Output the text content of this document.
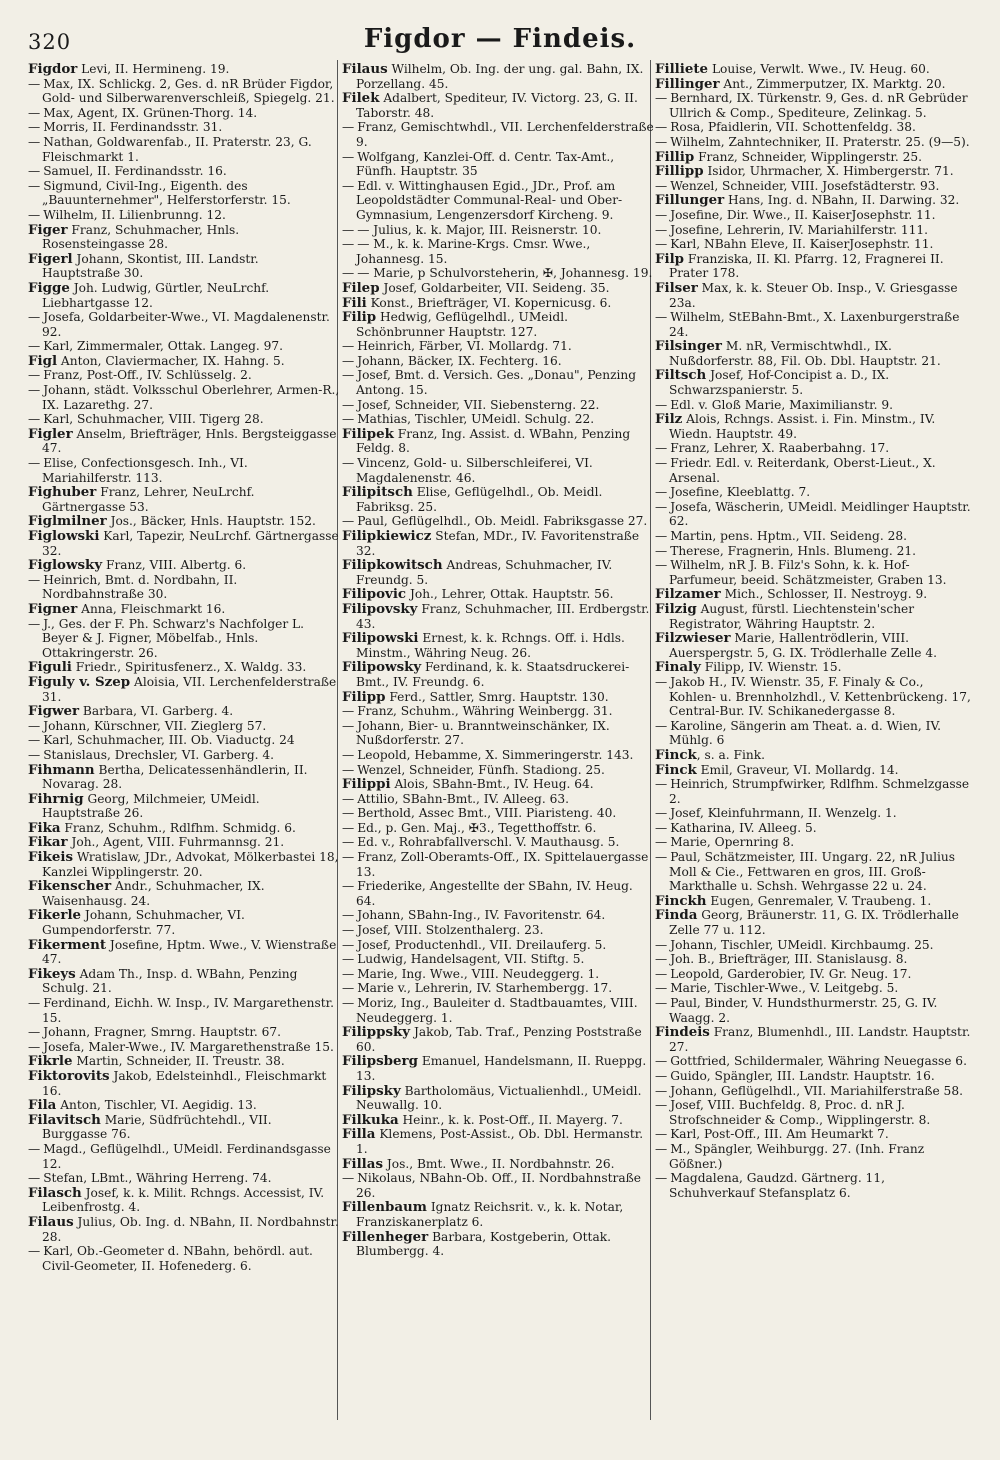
320	Figdor — Findeis.

Figdor Levi, II. Hermineng. 19.

— Max, IX. Schlickg. 2, Ges. d. nR Brüder Figdor, Gold- und Silberwarenverschleiß, Spiegelg. 21.

— Max, Agent, IX. Grünen-Thorg. 14.

— Morris, II. Ferdinandsstr. 31.

— Nathan, Goldwarenfab., II. Praterstr. 23, G. Fleischmarkt 1.

— Samuel, II. Ferdinandsstr. 16.

— Sigmund, Civil-Ing., Eigenth. des „Bauunternehmer", Helferstorferstr. 15.

— Wilhelm, II. Lilienbrunng. 12.

Figer Franz, Schuhmacher, Hnls. Rosensteingasse 28.

Figerl Johann, Skontist, III. Landstr. Hauptstraße 30.

Figge Joh. Ludwig, Gürtler, NeuLrchf. Liebhartgasse 12.

— Josefa, Goldarbeiter-Wwe., VI. Magdalenenstr. 92.

— Karl, Zimmermaler, Ottak. Langeg. 97.

Figl Anton, Claviermacher, IX. Hahng. 5.

— Franz, Post-Off., IV. Schlüsselg. 2.

— Johann, städt. Volksschul Oberlehrer, Armen-R., IX. Lazarethg. 27.

— Karl, Schuhmacher, VIII. Tigerg 28.

Figler Anselm, Briefträger, Hnls. Bergsteiggasse 47.

— Elise, Confectionsgesch. Inh., VI. Mariahilferstr. 113.

Fighuber Franz, Lehrer, NeuLrchf. Gärtnergasse 53.

Figlmilner Jos., Bäcker, Hnls. Hauptstr. 152.

Figlowski Karl, Tapezir, NeuLrchf. Gärtnergasse 32.

Figlowsky Franz, VIII. Albertg. 6.

— Heinrich, Bmt. d. Nordbahn, II. Nordbahnstraße 30.

Figner Anna, Fleischmarkt 16.

— J., Ges. der F. Ph. Schwarz's Nachfolger L. Beyer & J. Figner, Möbelfab., Hnls. Ottakringerstr. 26.

Figuli Friedr., Spiritusfenerz., X. Waldg. 33.

Figuly v. Szep Aloisia, VII. Lerchenfelderstraße 31.

Figwer Barbara, VI. Garberg. 4.

— Johann, Kürschner, VII. Zieglerg 57.

— Karl, Schuhmacher, III. Ob. Viaductg. 24

— Stanislaus, Drechsler, VI. Garberg. 4.

Fihmann Bertha, Delicatessenhändlerin, II. Novarag. 28.

Fihrnig Georg, Milchmeier, UMeidl. Hauptstraße 26.

Fika Franz, Schuhm., Rdlfhm. Schmidg. 6.

Fikar Joh., Agent, VIII. Fuhrmannsg. 21.

Fikeis Wratislaw, JDr., Advokat, Mölkerbastei 18, Kanzlei Wipplingerstr. 20.

Fikenscher Andr., Schuhmacher, IX. Waisenhausg. 24.

Fikerle Johann, Schuhmacher, VI. Gumpendorferstr. 77.

Fikerment Josefine, Hptm. Wwe., V. Wienstraße 47.

Fikeys Adam Th., Insp. d. WBahn, Penzing Schulg. 21.

— Ferdinand, Eichh. W. Insp., IV. Margarethenstr. 15.

— Johann, Fragner, Smrng. Hauptstr. 67.

— Josefa, Maler-Wwe., IV. Margarethenstraße 15.

Fikrle Martin, Schneider, II. Treustr. 38.

Fiktorovits Jakob, Edelsteinhdl., Fleischmarkt 16.

Fila Anton, Tischler, VI. Aegidig. 13.

Filavitsch Marie, Südfrüchtehdl., VII. Burggasse 76.

— Magd., Geflügelhdl., UMeidl. Ferdinandsgasse 12.

— Stefan, LBmt., Währing Herreng. 74.

Filasch Josef, k. k. Milit. Rchngs. Accessist, IV. Leibenfrostg. 4.

Filaus Julius, Ob. Ing. d. NBahn, II. Nordbahnstr. 28.

— Karl, Ob.-Geometer d. NBahn, behördl. aut. Civil-Geometer, II. Hofenederg. 6.

Filaus Wilhelm, Ob. Ing. der ung. gal. Bahn, IX. Porzellang. 45.

Filek Adalbert, Spediteur, IV. Victorg. 23, G. II. Taborstr. 48.

— Franz, Gemischtwhdl., VII. Lerchenfelderstraße 9.

— Wolfgang, Kanzlei-Off. d. Centr. Tax-Amt., Fünfh. Hauptstr. 35

— Edl. v. Wittinghausen Egid., JDr., Prof. am Leopoldstädter Communal-Real- und Ober-Gymnasium, Lengenzersdorf Kircheng. 9.

— — Julius, k. k. Major, III. Reisnerstr. 10.

— — M., k. k. Marine-Krgs. Cmsr. Wwe., Johannesg. 15.

— — Marie, p Schulvorsteherin, ✠, Johannesg. 19.

Filep Josef, Goldarbeiter, VII. Seideng. 35.

Fili Konst., Briefträger, VI. Kopernicusg. 6.

Filip Hedwig, Geflügelhdl., UMeidl. Schönbrunner Hauptstr. 127.

— Heinrich, Färber, VI. Mollardg. 71.

— Johann, Bäcker, IX. Fechterg. 16.

— Josef, Bmt. d. Versich. Ges. „Donau", Penzing Antong. 15.

— Josef, Schneider, VII. Siebensterng. 22.

— Mathias, Tischler, UMeidl. Schulg. 22.

Filipek Franz, Ing. Assist. d. WBahn, Penzing Feldg. 8.

— Vincenz, Gold- u. Silberschleiferei, VI. Magdalenenstr. 46.

Filipitsch Elise, Geflügelhdl., Ob. Meidl. Fabriksg. 25.

— Paul, Geflügelhdl., Ob. Meidl. Fabriksgasse 27.

Filipkiewicz Stefan, MDr., IV. Favoritenstraße 32.

Filipkowitsch Andreas, Schuhmacher, IV. Freundg. 5.

Filipovic Joh., Lehrer, Ottak. Hauptstr. 56.

Filipovsky Franz, Schuhmacher, III. Erdbergstr. 43.

Filipowski Ernest, k. k. Rchngs. Off. i. Hdls. Minstm., Währing Neug. 26.

Filipowsky Ferdinand, k. k. Staatsdruckerei-Bmt., IV. Freundg. 6.

Filipp Ferd., Sattler, Smrg. Hauptstr. 130.

— Franz, Schuhm., Währing Weinbergg. 31.

— Johann, Bier- u. Branntweinschänker, IX. Nußdorferstr. 27.

— Leopold, Hebamme, X. Simmeringerstr. 143.

— Wenzel, Schneider, Fünfh. Stadiong. 25.

Filippi Alois, SBahn-Bmt., IV. Heug. 64.

— Attilio, SBahn-Bmt., IV. Alleeg. 63.

— Berthold, Assec Bmt., VIII. Piaristeng. 40.

— Ed., p. Gen. Maj., ✠3., Tegetthoffstr. 6.

— Ed. v., Rohrabfallverschl. V. Mauthausg. 5.

— Franz, Zoll-Oberamts-Off., IX. Spittelauergasse 13.

— Friederike, Angestellte der SBahn, IV. Heug. 64.

— Johann, SBahn-Ing., IV. Favoritenstr. 64.

— Josef, VIII. Stolzenthalerg. 23.

— Josef, Productenhdl., VII. Dreilauferg. 5.

— Ludwig, Handelsagent, VII. Stiftg. 5.

— Marie, Ing. Wwe., VIII. Neudeggerg. 1.

— Marie v., Lehrerin, IV. Starhembergg. 17.

— Moriz, Ing., Bauleiter d. Stadtbauamtes, VIII. Neudeggerg. 1.

Filippsky Jakob, Tab. Traf., Penzing Poststraße 60.

Filipsberg Emanuel, Handelsmann, II. Rueppg. 13.

Filipsky Bartholomäus, Victualienhdl., UMeidl. Neuwallg. 10.

Filkuka Heinr., k. k. Post-Off., II. Mayerg. 7.

Filla Klemens, Post-Assist., Ob. Dbl. Hermanstr. 1.

Fillas Jos., Bmt. Wwe., II. Nordbahnstr. 26.

— Nikolaus, NBahn-Ob. Off., II. Nordbahnstraße 26.

Fillenbaum Ignatz Reichsrit. v., k. k. Notar, Franziskanerplatz 6.

Fillenheger Barbara, Kostgeberin, Ottak. Blumbergg. 4.

Filliete Louise, Verwlt. Wwe., IV. Heug. 60.

Fillinger Ant., Zimmerputzer, IX. Marktg. 20.

— Bernhard, IX. Türkenstr. 9, Ges. d. nR Gebrüder Ullrich & Comp., Spediteure, Zelinkag. 5.

— Rosa, Pfaidlerin, VII. Schottenfeldg. 38.

— Wilhelm, Zahntechniker, II. Praterstr. 25. (9—5).

Fillip Franz, Schneider, Wipplingerstr. 25.

Fillipp Isidor, Uhrmacher, X. Himbergerstr. 71.

— Wenzel, Schneider, VIII. Josefstädterstr. 93.

Fillunger Hans, Ing. d. NBahn, II. Darwing. 32.

— Josefine, Dir. Wwe., II. KaiserJosephstr. 11.

— Josefine, Lehrerin, IV. Mariahilferstr. 111.

— Karl, NBahn Eleve, II. KaiserJosephstr. 11.

Filp Franziska, II. Kl. Pfarrg. 12, Fragnerei II. Prater 178.

Filser Max, k. k. Steuer Ob. Insp., V. Griesgasse 23a.

— Wilhelm, StEBahn-Bmt., X. Laxenburgerstraße 24.

Filsinger M. nR, Vermischtwhdl., IX. Nußdorferstr. 88, Fil. Ob. Dbl. Hauptstr. 21.

Filtsch Josef, Hof-Concipist a. D., IX. Schwarzspanierstr. 5.

— Edl. v. Gloß Marie, Maximilianstr. 9.

Filz Alois, Rchngs. Assist. i. Fin. Minstm., IV. Wiedn. Hauptstr. 49.

— Franz, Lehrer, X. Raaberbahng. 17.

— Friedr. Edl. v. Reiterdank, Oberst-Lieut., X. Arsenal.

— Josefine, Kleeblattg. 7.

— Josefa, Wäscherin, UMeidl. Meidlinger Hauptstr. 62.

— Martin, pens. Hptm., VII. Seideng. 28.

— Therese, Fragnerin, Hnls. Blumeng. 21.

— Wilhelm, nR J. B. Filz's Sohn, k. k. Hof-Parfumeur, beeid. Schätzmeister, Graben 13.

Filzamer Mich., Schlosser, II. Nestroyg. 9.

Filzig August, fürstl. Liechtenstein'scher Registrator, Währing Hauptstr. 2.

Filzwieser Marie, Hallentrödlerin, VIII. Auerspergstr. 5, G. IX. Trödlerhalle Zelle 4.

Finaly Filipp, IV. Wienstr. 15.

— Jakob H., IV. Wienstr. 35, F. Finaly & Co., Kohlen- u. Brennholzhdl., V. Kettenbrückeng. 17, Central-Bur. IV. Schikanedergasse 8.

— Karoline, Sängerin am Theat. a. d. Wien, IV. Mühlg. 6

Finck, s. a. Fink.

Finck Emil, Graveur, VI. Mollardg. 14.

— Heinrich, Strumpfwirker, Rdlfhm. Schmelzgasse 2.

— Josef, Kleinfuhrmann, II. Wenzelg. 1.

— Katharina, IV. Alleeg. 5.

— Marie, Opernring 8.

— Paul, Schätzmeister, III. Ungarg. 22, nR Julius Moll & Cie., Fettwaren en gros, III. Groß-Markthalle u. Schsh. Wehrgasse 22 u. 24.

Finckh Eugen, Genremaler, V. Traubeng. 1.

Finda Georg, Bräunerstr. 11, G. IX. Trödlerhalle Zelle 77 u. 112.

— Johann, Tischler, UMeidl. Kirchbaumg. 25.

— Joh. B., Briefträger, III. Stanislausg. 8.

— Leopold, Garderobier, IV. Gr. Neug. 17.

— Marie, Tischler-Wwe., V. Leitgebg. 5.

— Paul, Binder, V. Hundsthurmerstr. 25, G. IV. Waagg. 2.

Findeis Franz, Blumenhdl., III. Landstr. Hauptstr. 27.

— Gottfried, Schildermaler, Währing Neuegasse 6.

— Guido, Spängler, III. Landstr. Hauptstr. 16.

— Johann, Geflügelhdl., VII. Mariahilferstraße 58.

— Josef, VIII. Buchfeldg. 8, Proc. d. nR J. Strofschneider & Comp., Wipplingerstr. 8.

— Karl, Post-Off., III. Am Heumarkt 7.

— M., Spängler, Weihburgg. 27. (Inh. Franz Gößner.)

— Magdalena, Gaudzd. Gärtnerg. 11, Schuhverkauf Stefansplatz 6.
